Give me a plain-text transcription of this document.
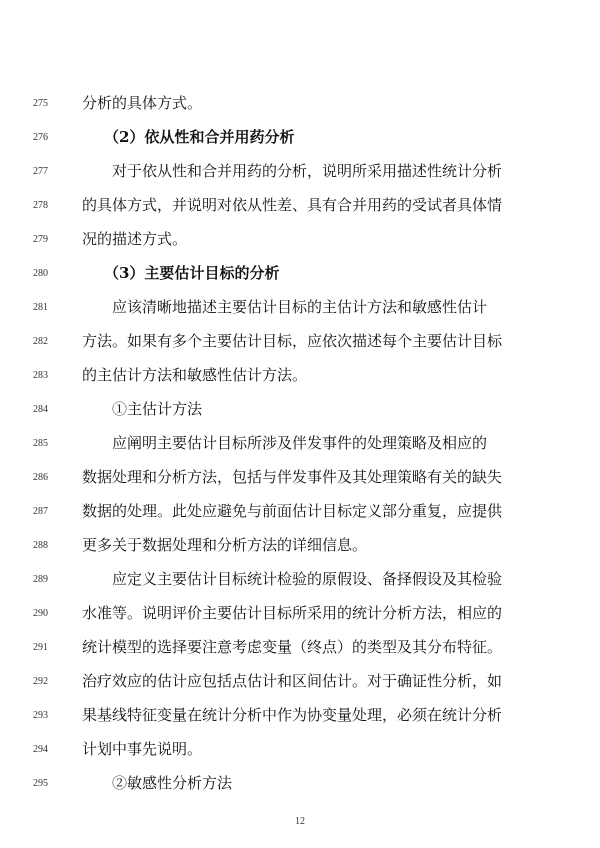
275	分析的具体方式。
276	（2）依从性和合并用药分析
277	对于依从性和合并用药的分析，说明所采用描述性统计分析
278	的具体方式，并说明对依从性差、具有合并用药的受试者具体情
279	况的描述方式。
280	（3）主要估计目标的分析
281	应该清晰地描述主要估计目标的主估计方法和敏感性估计
282	方法。如果有多个主要估计目标，应依次描述每个主要估计目标
283	的主估计方法和敏感性估计方法。
284	①主估计方法
285	应阐明主要估计目标所涉及伴发事件的处理策略及相应的
286	数据处理和分析方法，包括与伴发事件及其处理策略有关的缺失
287	数据的处理。此处应避免与前面估计目标定义部分重复，应提供
288	更多关于数据处理和分析方法的详细信息。
289	应定义主要估计目标统计检验的原假设、备择假设及其检验
290	水准等。说明评价主要估计目标所采用的统计分析方法，相应的
291	统计模型的选择要注意考虑变量（终点）的类型及其分布特征。
292	治疗效应的估计应包括点估计和区间估计。对于确证性分析，如
293	果基线特征变量在统计分析中作为协变量处理，必须在统计分析
294	计划中事先说明。
295	②敏感性分析方法
12
